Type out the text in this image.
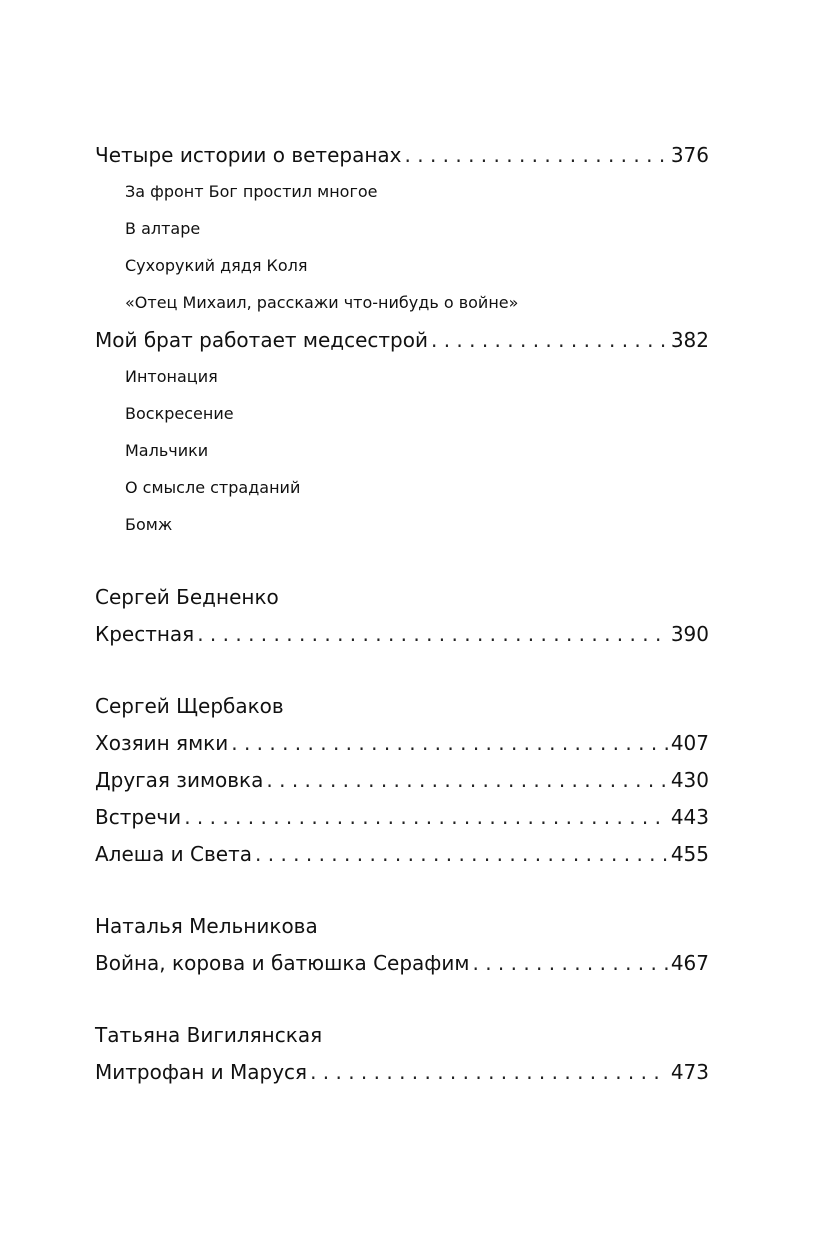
Четыре истории о ветеранах . . .	376
За фронт Бог простил многое
В алтаре
Сухорукий дядя Коля
«Отец Михаил, расскажи что-нибудь о войне»
Мой брат работает медсестрой . . .	382
Интонация
Воскресение
Мальчики
О смысле страданий
Бомж
Сергей Бедненко
Крестная . . .	390
Сергей Щербаков
Хозяин ямки . . .	407
Другая зимовка . . .	430
Встречи . . .	443
Алеша и Света . . .	455
Наталья Мельникова
Война, корова и батюшка Серафим . . .	467
Татьяна Вигилянская
Митрофан и Маруся . . .	473
